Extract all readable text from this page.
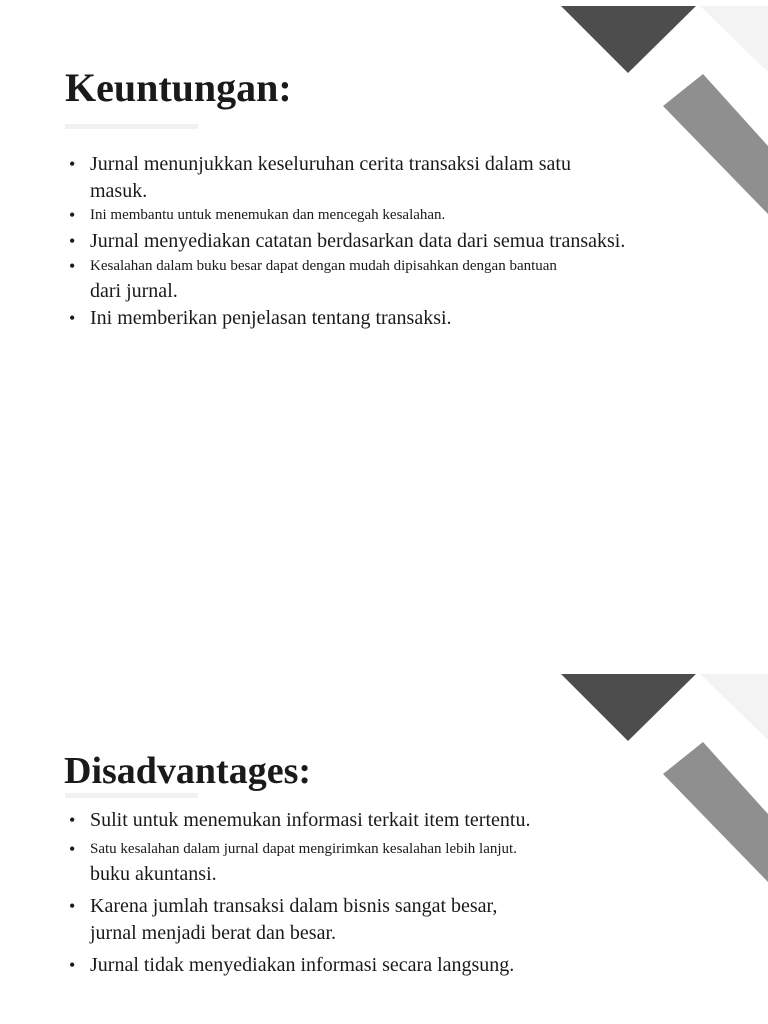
Keuntungan:
• Jurnal menunjukkan keseluruhan cerita transaksi dalam satu
masuk.
• Ini membantu untuk menemukan dan mencegah kesalahan.
• Jurnal menyediakan catatan berdasarkan data dari semua transaksi.
• Kesalahan dalam buku besar dapat dengan mudah dipisahkan dengan bantuan
dari jurnal.
• Ini memberikan penjelasan tentang transaksi.
Disadvantages:
• Sulit untuk menemukan informasi terkait item tertentu.
• Satu kesalahan dalam jurnal dapat mengirimkan kesalahan lebih lanjut.
buku akuntansi.
• Karena jumlah transaksi dalam bisnis sangat besar,
jurnal menjadi berat dan besar.
• Jurnal tidak menyediakan informasi secara langsung.
